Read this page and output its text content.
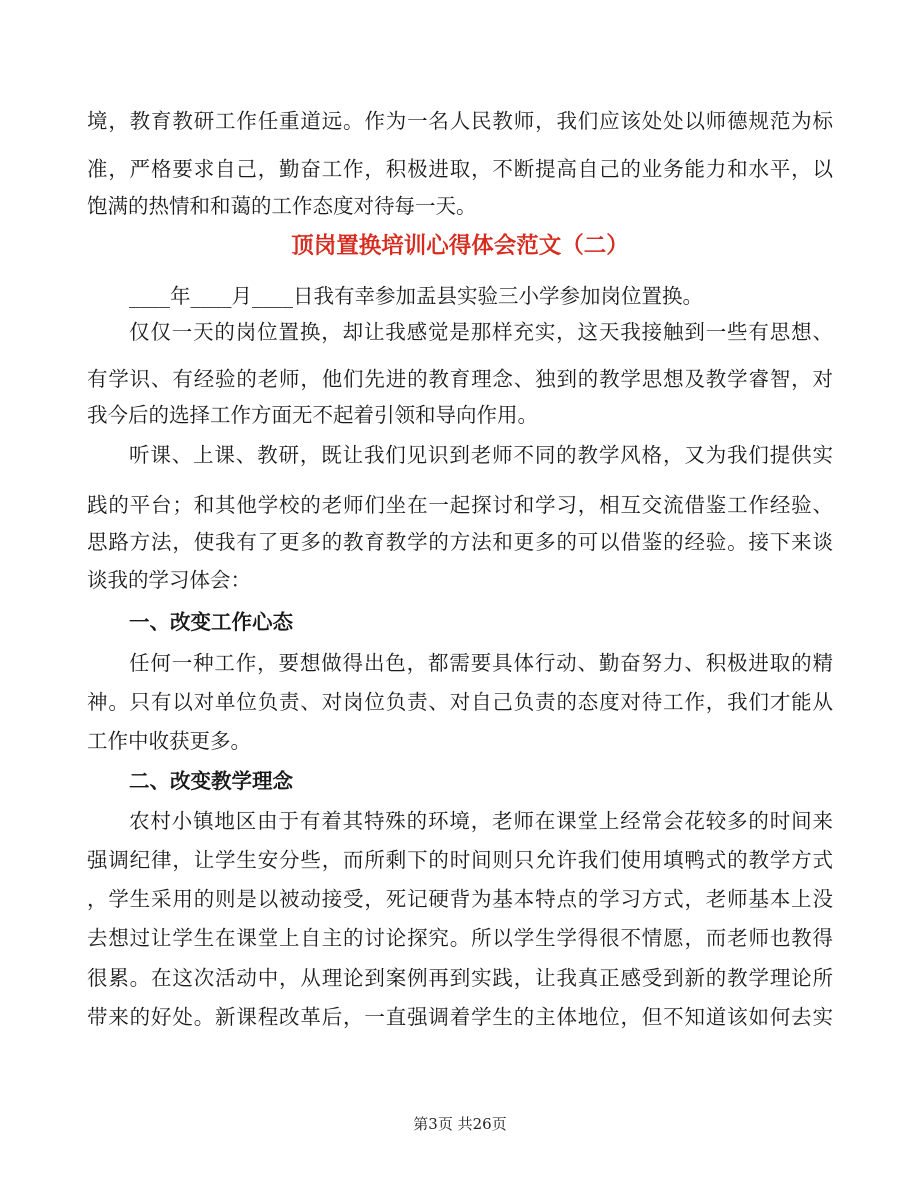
境，教育教研工作任重道远。作为一名人民教师，我们应该处处以师德规范为标
准，严格要求自己，勤奋工作，积极进取，不断提高自己的业务能力和水平，以
饱满的热情和和蔼的工作态度对待每一天。
顶岗置换培训心得体会范文（二）
____年____月____日我有幸参加盂县实验三小学参加岗位置换。
仅仅一天的岗位置换，却让我感觉是那样充实，这天我接触到一些有思想、
有学识、有经验的老师，他们先进的教育理念、独到的教学思想及教学睿智，对
我今后的选择工作方面无不起着引领和导向作用。
听课、上课、教研，既让我们见识到老师不同的教学风格，又为我们提供实
践的平台；和其他学校的老师们坐在一起探讨和学习，相互交流借鉴工作经验、
思路方法，使我有了更多的教育教学的方法和更多的可以借鉴的经验。接下来谈
谈我的学习体会：
一、改变工作心态
任何一种工作，要想做得出色，都需要具体行动、勤奋努力、积极进取的精
神。只有以对单位负责、对岗位负责、对自己负责的态度对待工作，我们才能从
工作中收获更多。
二、改变教学理念
农村小镇地区由于有着其特殊的环境，老师在课堂上经常会花较多的时间来
强调纪律，让学生安分些，而所剩下的时间则只允许我们使用填鸭式的教学方式
，学生采用的则是以被动接受，死记硬背为基本特点的学习方式，老师基本上没
去想过让学生在课堂上自主的讨论探究。所以学生学得很不情愿，而老师也教得
很累。在这次活动中，从理论到案例再到实践，让我真正感受到新的教学理论所
带来的好处。新课程改革后，一直强调着学生的主体地位，但不知道该如何去实
第3页 共26页
